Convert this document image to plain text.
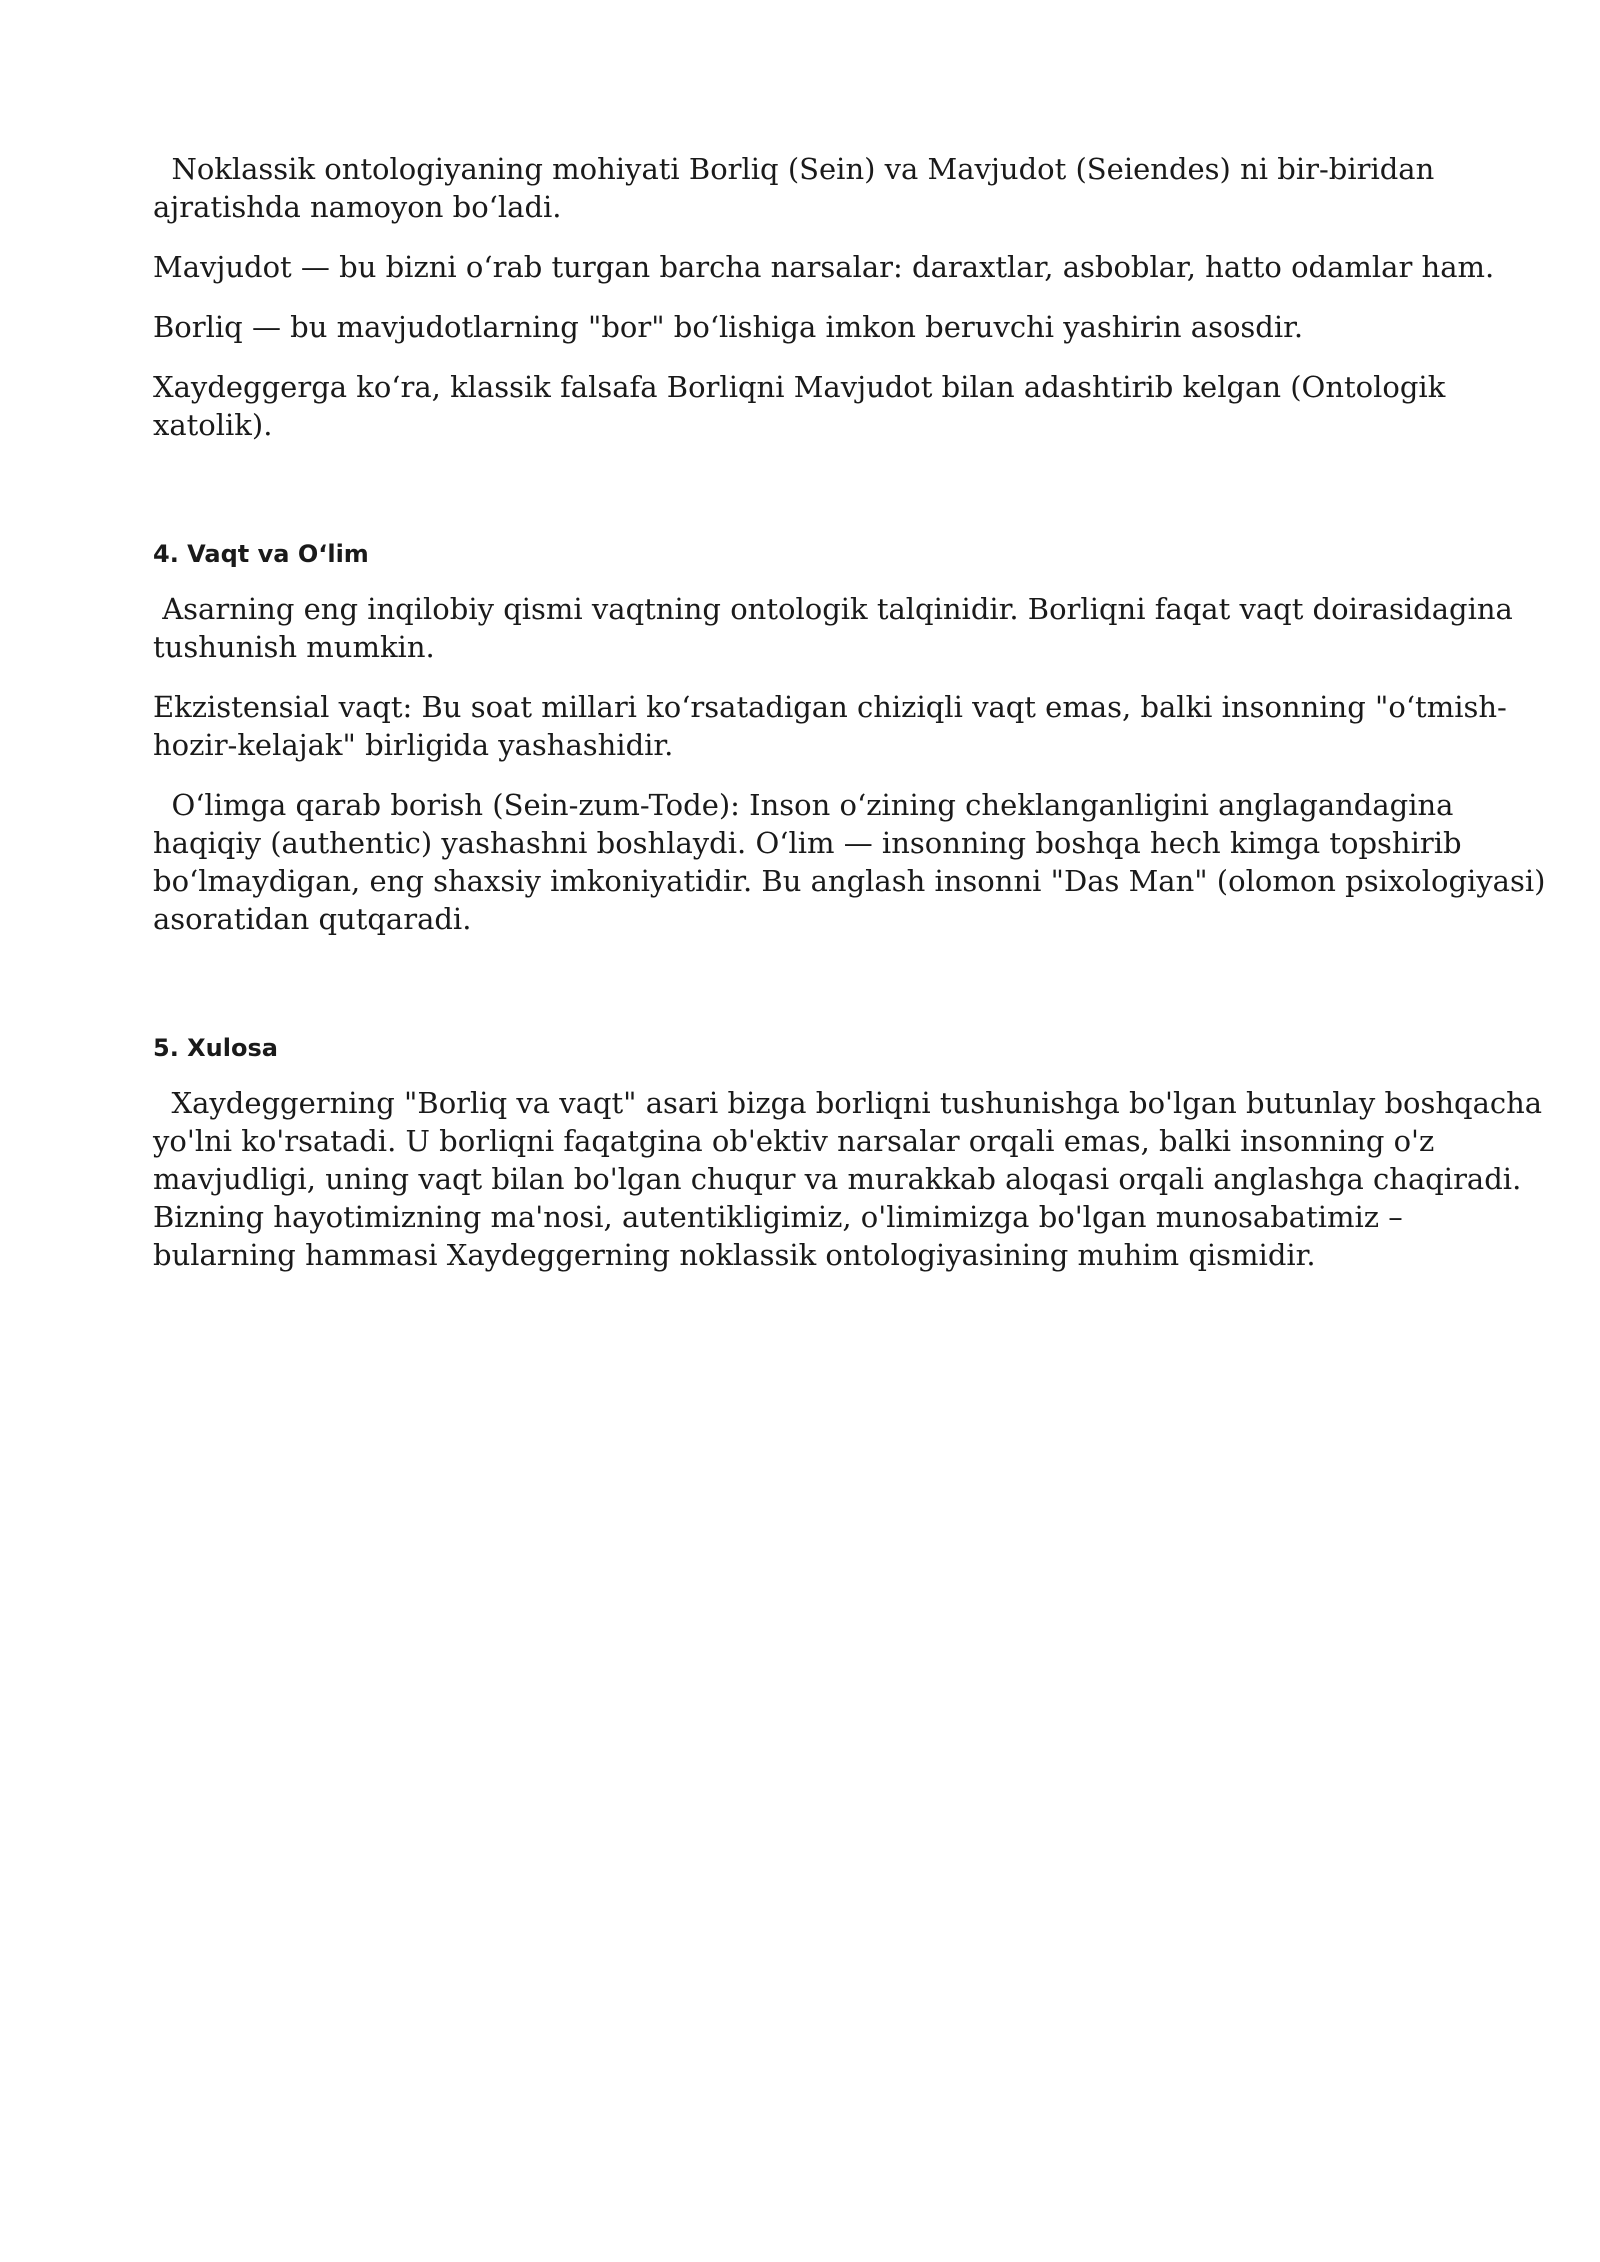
Noklassik ontologiyaning mohiyati Borliq (Sein) va Mavjudot (Seiendes) ni bir-biridan ajratishda namoyon boʻladi.

Mavjudot — bu bizni oʻrab turgan barcha narsalar: daraxtlar, asboblar, hatto odamlar ham.

Borliq — bu mavjudotlarning "bor" boʻlishiga imkon beruvchi yashirin asosdir.

Xaydeggerga koʻra, klassik falsafa Borliqni Mavjudot bilan adashtirib kelgan (Ontologik xatolik).

4. Vaqt va Oʻlim

Asarning eng inqilobiy qismi vaqtning ontologik talqinidir. Borliqni faqat vaqt doirasidagina tushunish mumkin.

Ekzistensial vaqt: Bu soat millari koʻrsatadigan chiziqli vaqt emas, balki insonning "oʻtmish-hozir-kelajak" birligida yashashidir.

Oʻlimga qarab borish (Sein-zum-Tode): Inson oʻzining cheklanganligini anglagandagina haqiqiy (authentic) yashashni boshlaydi. Oʻlim — insonning boshqa hech kimga topshirib boʻlmaydigan, eng shaxsiy imkoniyatidir. Bu anglash insonni "Das Man" (olomon psixologiyasi) asoratidan qutqaradi.

5. Xulosa

Xaydeggerning "Borliq va vaqt" asari bizga borliqni tushunishga bo'lgan butunlay boshqacha yo'lni ko'rsatadi. U borliqni faqatgina ob'ektiv narsalar orqali emas, balki insonning o'z mavjudligi, uning vaqt bilan bo'lgan chuqur va murakkab aloqasi orqali anglashga chaqiradi. Bizning hayotimizning ma'nosi, autentikligimiz, o'limimizga bo'lgan munosabatimiz – bularning hammasi Xaydeggerning noklassik ontologiyasining muhim qismidir.
